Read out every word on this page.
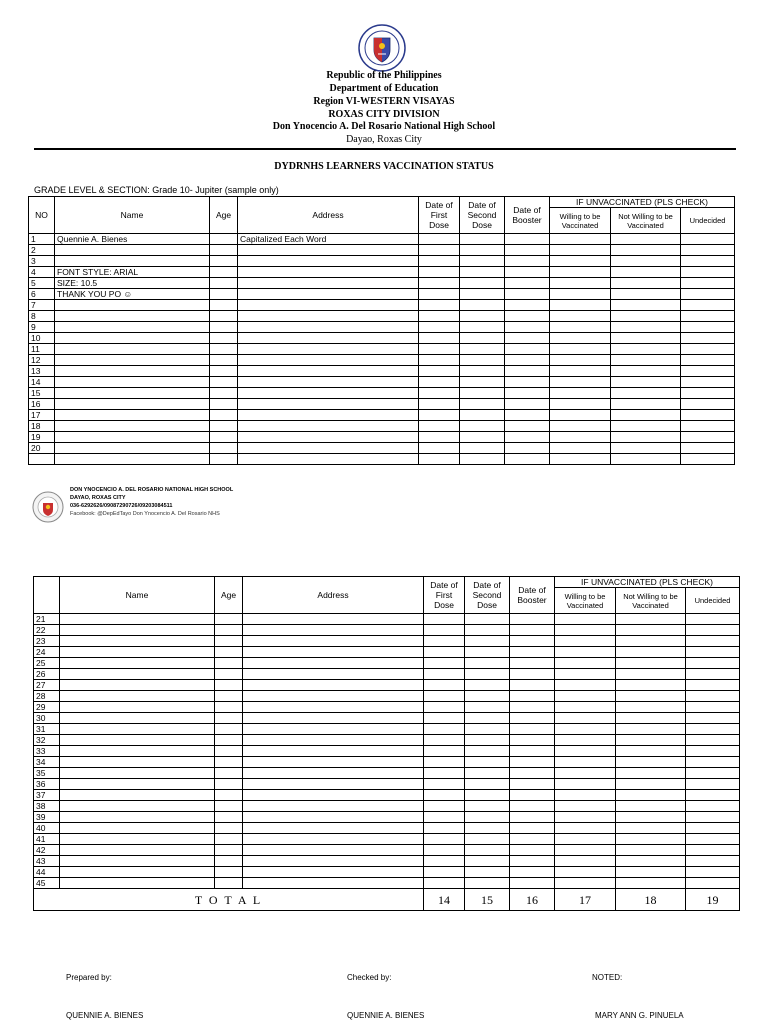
Republic of the Philippines
Department of Education
Region VI-WESTERN VISAYAS
ROXAS CITY DIVISION
Don Ynocencio A. Del Rosario National High School
Dayao, Roxas City
DYDRNHS LEARNERS VACCINATION STATUS
GRADE LEVEL & SECTION: Grade 10- Jupiter (sample only)
NO	Name	Age	Address	Date of First Dose	Date of Second Dose	Date of Booster	IF UNVACCINATED (PLS CHECK)		
							Willing to be Vaccinated	Not Willing to be Vaccinated	Undecided
1	Quennie A. Bienes		Capitalized Each Word						
2									
3									
4	FONT STYLE: ARIAL								
5	SIZE: 10.5								
6	THANK YOU PO ☺								
7									
8									
9									
10									
11									
12									
13									
14									
15									
16									
17									
18									
19									
20									

DON YNOCENCIO A. DEL ROSARIO NATIONAL HIGH SCHOOL
DAYAO, ROXAS CITY
036-6292626/09087290726/09203084511
Facebook: @DepEdTayo Don Ynocencio A. Del Rosario NHS
	Name	Age	Address	Date of First Dose	Date of Second Dose	Date of Booster	IF UNVACCINATED (PLS CHECK)		
							Willing to be Vaccinated	Not Willing to be Vaccinated	Undecided
21									
22									
23									
24									
25									
26									
27									
28									
29									
30									
31									
32									
33									
34									
35									
36									
37									
38									
39									
40									
41									
42									
43									
44									
45									
T O T A L				14	15	16	17	18	19
Prepared by:	Checked by:	NOTED:
QUENNIE A. BIENES	QUENNIE A. BIENES	MARY ANN G. PINUELA
